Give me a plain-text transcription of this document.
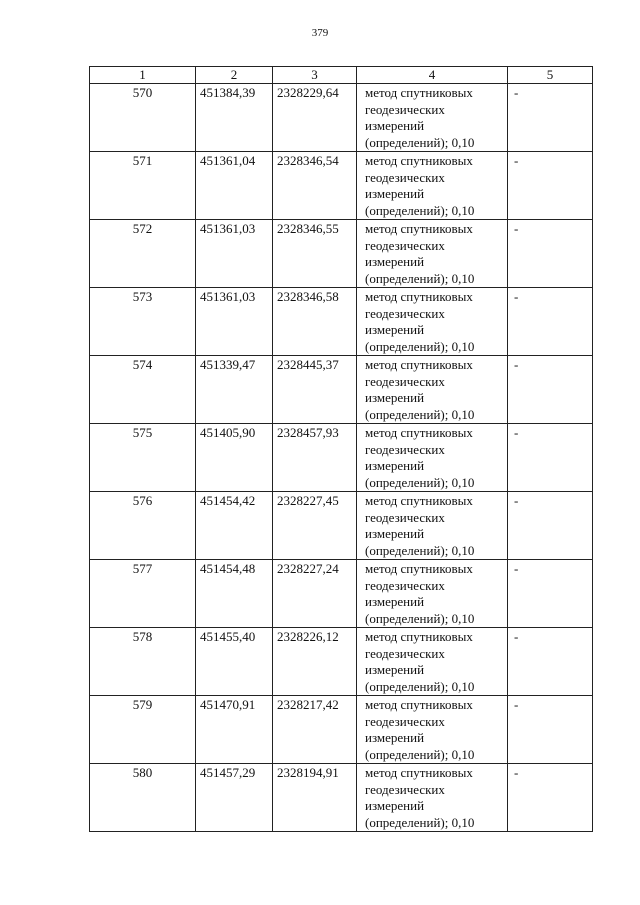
379
1	2	3	4	5
570	451384,39	2328229,64	метод спутниковых
геодезических
измерений
(определений); 0,10	-
571	451361,04	2328346,54	метод спутниковых
геодезических
измерений
(определений); 0,10	-
572	451361,03	2328346,55	метод спутниковых
геодезических
измерений
(определений); 0,10	-
573	451361,03	2328346,58	метод спутниковых
геодезических
измерений
(определений); 0,10	-
574	451339,47	2328445,37	метод спутниковых
геодезических
измерений
(определений); 0,10	-
575	451405,90	2328457,93	метод спутниковых
геодезических
измерений
(определений); 0,10	-
576	451454,42	2328227,45	метод спутниковых
геодезических
измерений
(определений); 0,10	-
577	451454,48	2328227,24	метод спутниковых
геодезических
измерений
(определений); 0,10	-
578	451455,40	2328226,12	метод спутниковых
геодезических
измерений
(определений); 0,10	-
579	451470,91	2328217,42	метод спутниковых
геодезических
измерений
(определений); 0,10	-
580	451457,29	2328194,91	метод спутниковых
геодезических
измерений
(определений); 0,10	-
